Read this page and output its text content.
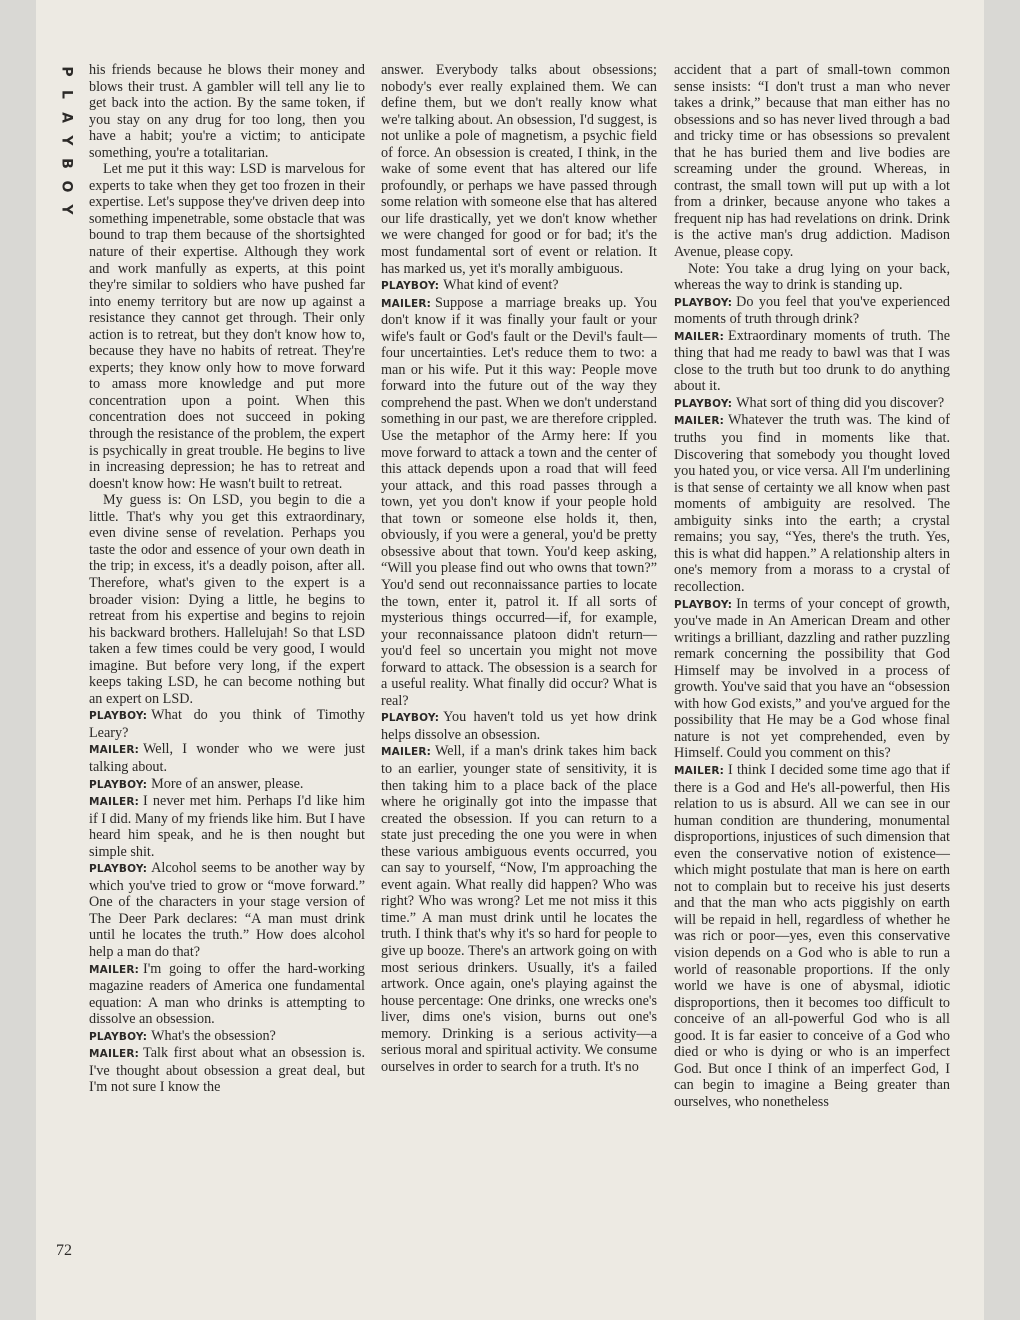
P
L
A
Y
B
O
Y
72

his friends because he blows their money and blows their trust. A gambler will tell any lie to get back into the action. By the same token, if you stay on any drug for too long, then you have a habit; you're a victim; to anticipate something, you're a totalitarian.

Let me put it this way: LSD is marvelous for experts to take when they get too frozen in their expertise. Let's suppose they've driven deep into something impenetrable, some obstacle that was bound to trap them because of the shortsighted nature of their expertise. Although they work and work manfully as experts, at this point they're similar to soldiers who have pushed far into enemy territory but are now up against a resistance they cannot get through. Their only action is to retreat, but they don't know how to, because they have no habits of retreat. They're experts; they know only how to move forward to amass more knowledge and put more concentration upon a point. When this concentration does not succeed in poking through the resistance of the problem, the expert is psychically in great trouble. He begins to live in increasing depression; he has to retreat and doesn't know how: He wasn't built to retreat.

My guess is: On LSD, you begin to die a little. That's why you get this extraordinary, even divine sense of revelation. Perhaps you taste the odor and essence of your own death in the trip; in excess, it's a deadly poison, after all. Therefore, what's given to the expert is a broader vision: Dying a little, he begins to retreat from his expertise and begins to rejoin his backward brothers. Hallelujah! So that LSD taken a few times could be very good, I would imagine. But before very long, if the expert keeps taking LSD, he can become nothing but an expert on LSD.

PLAYBOY: What do you think of Timothy Leary?

MAILER: Well, I wonder who we were just talking about.

PLAYBOY: More of an answer, please.

MAILER: I never met him. Perhaps I'd like him if I did. Many of my friends like him. But I have heard him speak, and he is then nought but simple shit.

PLAYBOY: Alcohol seems to be another way by which you've tried to grow or “move forward.” One of the characters in your stage version of The Deer Park declares: “A man must drink until he locates the truth.” How does alcohol help a man do that?

MAILER: I'm going to offer the hard-working magazine readers of America one fundamental equation: A man who drinks is attempting to dissolve an obsession.

PLAYBOY: What's the obsession?

MAILER: Talk first about what an obsession is. I've thought about obsession a great deal, but I'm not sure I know the

answer. Everybody talks about obsessions; nobody's ever really explained them. We can define them, but we don't really know what we're talking about. An obsession, I'd suggest, is not unlike a pole of magnetism, a psychic field of force. An obsession is created, I think, in the wake of some event that has altered our life profoundly, or perhaps we have passed through some relation with someone else that has altered our life drastically, yet we don't know whether we were changed for good or for bad; it's the most fundamental sort of event or relation. It has marked us, yet it's morally ambiguous.

PLAYBOY: What kind of event?

MAILER: Suppose a marriage breaks up. You don't know if it was finally your fault or your wife's fault or God's fault or the Devil's fault—four uncertainties. Let's reduce them to two: a man or his wife. Put it this way: People move forward into the future out of the way they comprehend the past. When we don't understand something in our past, we are therefore crippled. Use the metaphor of the Army here: If you move forward to attack a town and the center of this attack depends upon a road that will feed your attack, and this road passes through a town, yet you don't know if your people hold that town or someone else holds it, then, obviously, if you were a general, you'd be pretty obsessive about that town. You'd keep asking, “Will you please find out who owns that town?” You'd send out reconnaissance parties to locate the town, enter it, patrol it. If all sorts of mysterious things occurred—if, for example, your reconnaissance platoon didn't return—you'd feel so uncertain you might not move forward to attack. The obsession is a search for a useful reality. What finally did occur? What is real?

PLAYBOY: You haven't told us yet how drink helps dissolve an obsession.

MAILER: Well, if a man's drink takes him back to an earlier, younger state of sensitivity, it is then taking him to a place back of the place where he originally got into the impasse that created the obsession. If you can return to a state just preceding the one you were in when these various ambiguous events occurred, you can say to yourself, “Now, I'm approaching the event again. What really did happen? Who was right? Who was wrong? Let me not miss it this time.” A man must drink until he locates the truth. I think that's why it's so hard for people to give up booze. There's an artwork going on with most serious drinkers. Usually, it's a failed artwork. Once again, one's playing against the house percentage: One drinks, one wrecks one's liver, dims one's vision, burns out one's memory. Drinking is a serious activity—a serious moral and spiritual activity. We consume ourselves in order to search for a truth. It's no

accident that a part of small-town common sense insists: “I don't trust a man who never takes a drink,” because that man either has no obsessions and so has never lived through a bad and tricky time or has obsessions so prevalent that he has buried them and live bodies are screaming under the ground. Whereas, in contrast, the small town will put up with a lot from a drinker, because anyone who takes a frequent nip has had revelations on drink. Drink is the active man's drug addiction. Madison Avenue, please copy.

Note: You take a drug lying on your back, whereas the way to drink is standing up.

PLAYBOY: Do you feel that you've experienced moments of truth through drink?

MAILER: Extraordinary moments of truth. The thing that had me ready to bawl was that I was close to the truth but too drunk to do anything about it.

PLAYBOY: What sort of thing did you discover?

MAILER: Whatever the truth was. The kind of truths you find in moments like that. Discovering that somebody you thought loved you hated you, or vice versa. All I'm underlining is that sense of certainty we all know when past moments of ambiguity are resolved. The ambiguity sinks into the earth; a crystal remains; you say, “Yes, there's the truth. Yes, this is what did happen.” A relationship alters in one's memory from a morass to a crystal of recollection.

PLAYBOY: In terms of your concept of growth, you've made in An American Dream and other writings a brilliant, dazzling and rather puzzling remark concerning the possibility that God Himself may be involved in a process of growth. You've said that you have an “obsession with how God exists,” and you've argued for the possibility that He may be a God whose final nature is not yet comprehended, even by Himself. Could you comment on this?

MAILER: I think I decided some time ago that if there is a God and He's all-powerful, then His relation to us is absurd. All we can see in our human condition are thundering, monumental disproportions, injustices of such dimension that even the conservative notion of existence—which might postulate that man is here on earth not to complain but to receive his just deserts and that the man who acts piggishly on earth will be repaid in hell, regardless of whether he was rich or poor—yes, even this conservative vision depends on a God who is able to run a world of reasonable proportions. If the only world we have is one of abysmal, idiotic disproportions, then it becomes too difficult to conceive of an all-powerful God who is all good. It is far easier to conceive of a God who died or who is dying or who is an imperfect God. But once I think of an imperfect God, I can begin to imagine a Being greater than ourselves, who nonetheless
